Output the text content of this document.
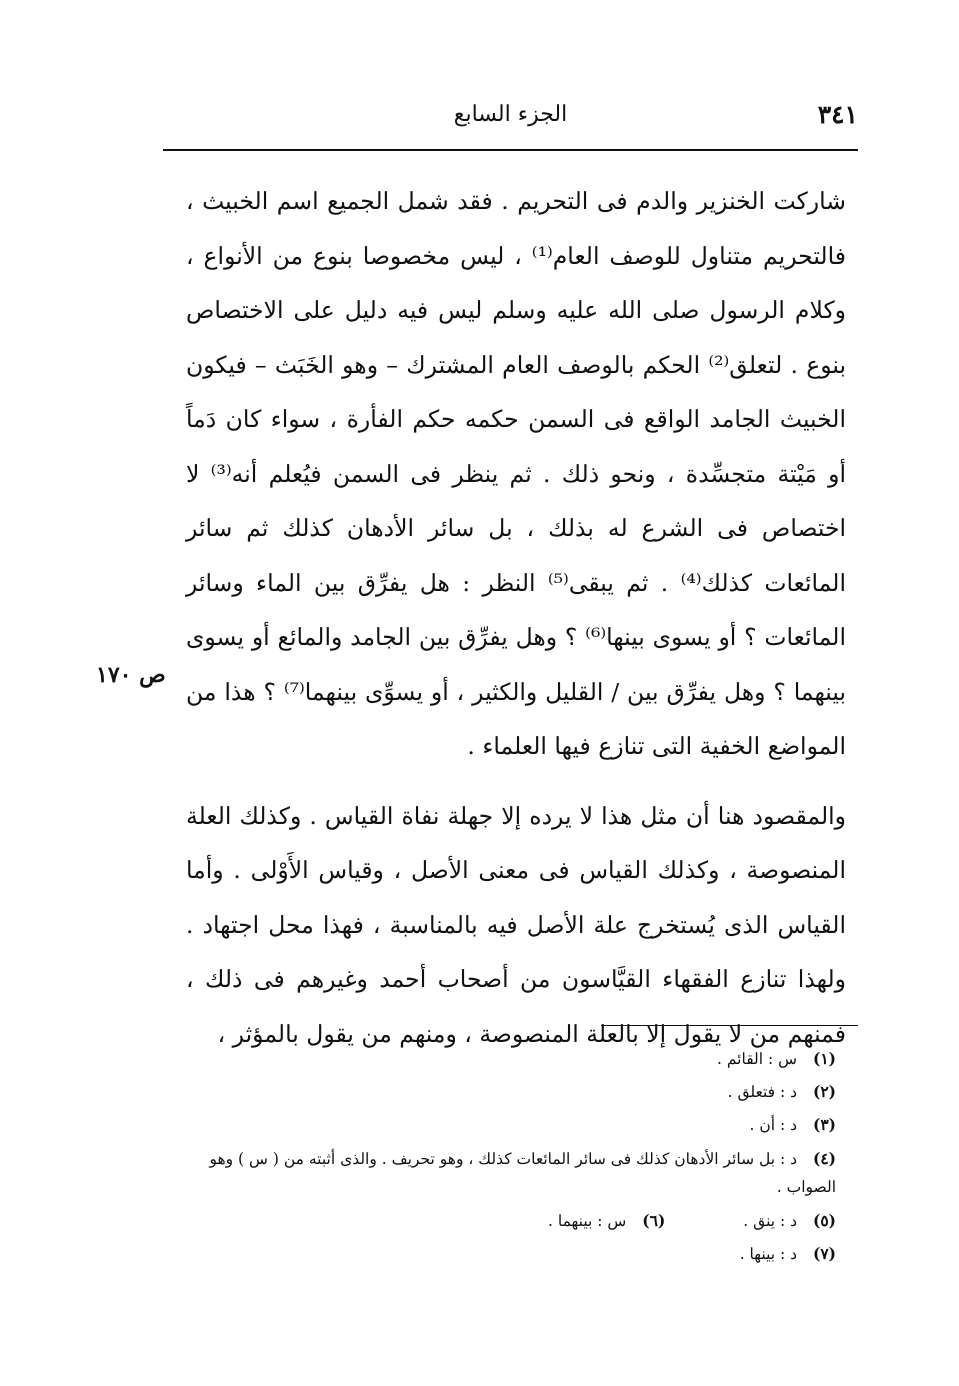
٣٤١
الجزء السابع
ص ١٧٠

شاركت الخنزير والدم فى التحريم . فقد شمل الجميع اسم الخبيث ، فالتحريم متناول للوصف العام⁽¹⁾ ، ليس مخصوصا بنوع من الأنواع ، وكلام الرسول صلى الله عليه وسلم ليس فيه دليل على الاختصاص بنوع . لتعلق⁽²⁾ الحكم بالوصف العام المشترك – وهو الخَبَث – فيكون الخبيث الجامد الواقع فى السمن حكمه حكم الفأرة ، سواء كان دَماً أو مَيْتة متجسِّدة ، ونحو ذلك . ثم ينظر فى السمن فيُعلم أنه⁽³⁾ لا اختصاص فى الشرع له بذلك ، بل سائر الأدهان كذلك ثم سائر المائعات كذلك⁽⁴⁾ . ثم يبقى⁽⁵⁾ النظر : هل يفرِّق بين الماء وسائر المائعات ؟ أو يسوى بينها⁽⁶⁾ ؟ وهل يفرِّق بين الجامد والمائع أو يسوى بينهما ؟ وهل يفرِّق بين / القليل والكثير ، أو يسوِّى بينهما⁽⁷⁾ ؟ هذا من المواضع الخفية التى تنازع فيها العلماء .

والمقصود هنا أن مثل هذا لا يرده إلا جهلة نفاة القياس . وكذلك العلة المنصوصة ، وكذلك القياس فى معنى الأصل ، وقياس الأَوْلى . وأما القياس الذى يُستخرج علة الأصل فيه بالمناسبة ، فهذا محل اجتهاد . ولهذا تنازع الفقهاء القيَّاسون من أصحاب أحمد وغيرهم فى ذلك ، فمنهم من لا يقول إلا بالعلة المنصوصة ، ومنهم من يقول بالمؤثر ،

(١) س : القائم .

(٢) د : فتعلق .

(٣) د : أن .

(٤) د : بل سائر الأدهان كذلك فى سائر المائعات كذلك ، وهو تحريف . والذى أثبته من ( س ) وهو الصواب .

(٥) د : ينق .

(٦) س : بينهما .

(٧) د : بينها .
